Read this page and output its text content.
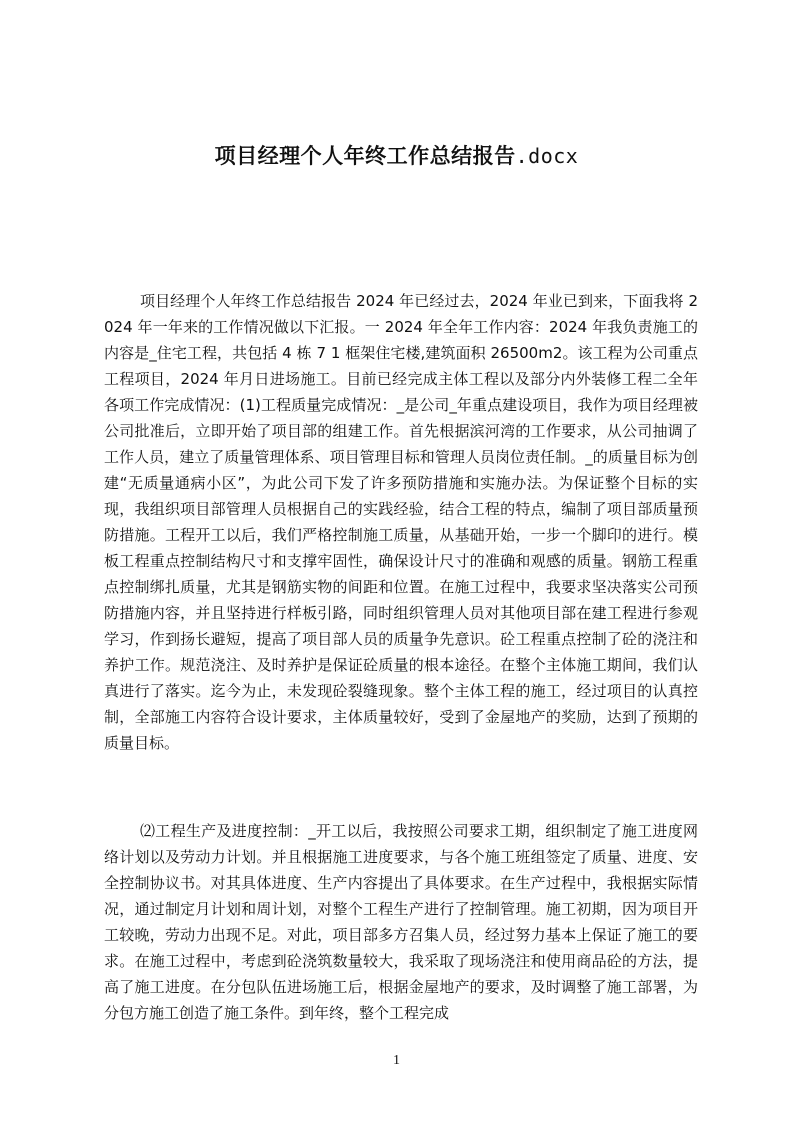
项目经理个人年终工作总结报告.docx

项目经理个人年终工作总结报告 2024 年已经过去，2024 年业已到来，下面我将 2024 年一年来的工作情况做以下汇报。一 2024 年全年工作内容：2024 年我负责施工的内容是_住宅工程，共包括 4 栋 7 1 框架住宅楼,建筑面积 26500m2。该工程为公司重点工程项目，2024 年月日进场施工。目前已经完成主体工程以及部分内外装修工程二全年各项工作完成情况：(1)工程质量完成情况：_是公司_年重点建设项目，我作为项目经理被公司批准后，立即开始了项目部的组建工作。首先根据滨河湾的工作要求，从公司抽调了工作人员，建立了质量管理体系、项目管理目标和管理人员岗位责任制。_的质量目标为创建“无质量通病小区”，为此公司下发了许多预防措施和实施办法。为保证整个目标的实现，我组织项目部管理人员根据自己的实践经验，结合工程的特点，编制了项目部质量预防措施。工程开工以后，我们严格控制施工质量，从基础开始，一步一个脚印的进行。模板工程重点控制结构尺寸和支撑牢固性，确保设计尺寸的准确和观感的质量。钢筋工程重点控制绑扎质量，尤其是钢筋实物的间距和位置。在施工过程中，我要求坚决落实公司预防措施内容，并且坚持进行样板引路，同时组织管理人员对其他项目部在建工程进行参观学习，作到扬长避短，提高了项目部人员的质量争先意识。砼工程重点控制了砼的浇注和养护工作。规范浇注、及时养护是保证砼质量的根本途径。在整个主体施工期间，我们认真进行了落实。迄今为止，未发现砼裂缝现象。整个主体工程的施工，经过项目的认真控制，全部施工内容符合设计要求，主体质量较好，受到了金屋地产的奖励，达到了预期的质量目标。

⑵工程生产及进度控制：_开工以后，我按照公司要求工期，组织制定了施工进度网络计划以及劳动力计划。并且根据施工进度要求，与各个施工班组签定了质量、进度、安全控制协议书。对其具体进度、生产内容提出了具体要求。在生产过程中，我根据实际情况，通过制定月计划和周计划，对整个工程生产进行了控制管理。施工初期，因为项目开工较晚，劳动力出现不足。对此，项目部多方召集人员，经过努力基本上保证了施工的要求。在施工过程中，考虑到砼浇筑数量较大，我采取了现场浇注和使用商品砼的方法，提高了施工进度。在分包队伍进场施工后，根据金屋地产的要求，及时调整了施工部署，为分包方施工创造了施工条件。到年终，整个工程完成

1
